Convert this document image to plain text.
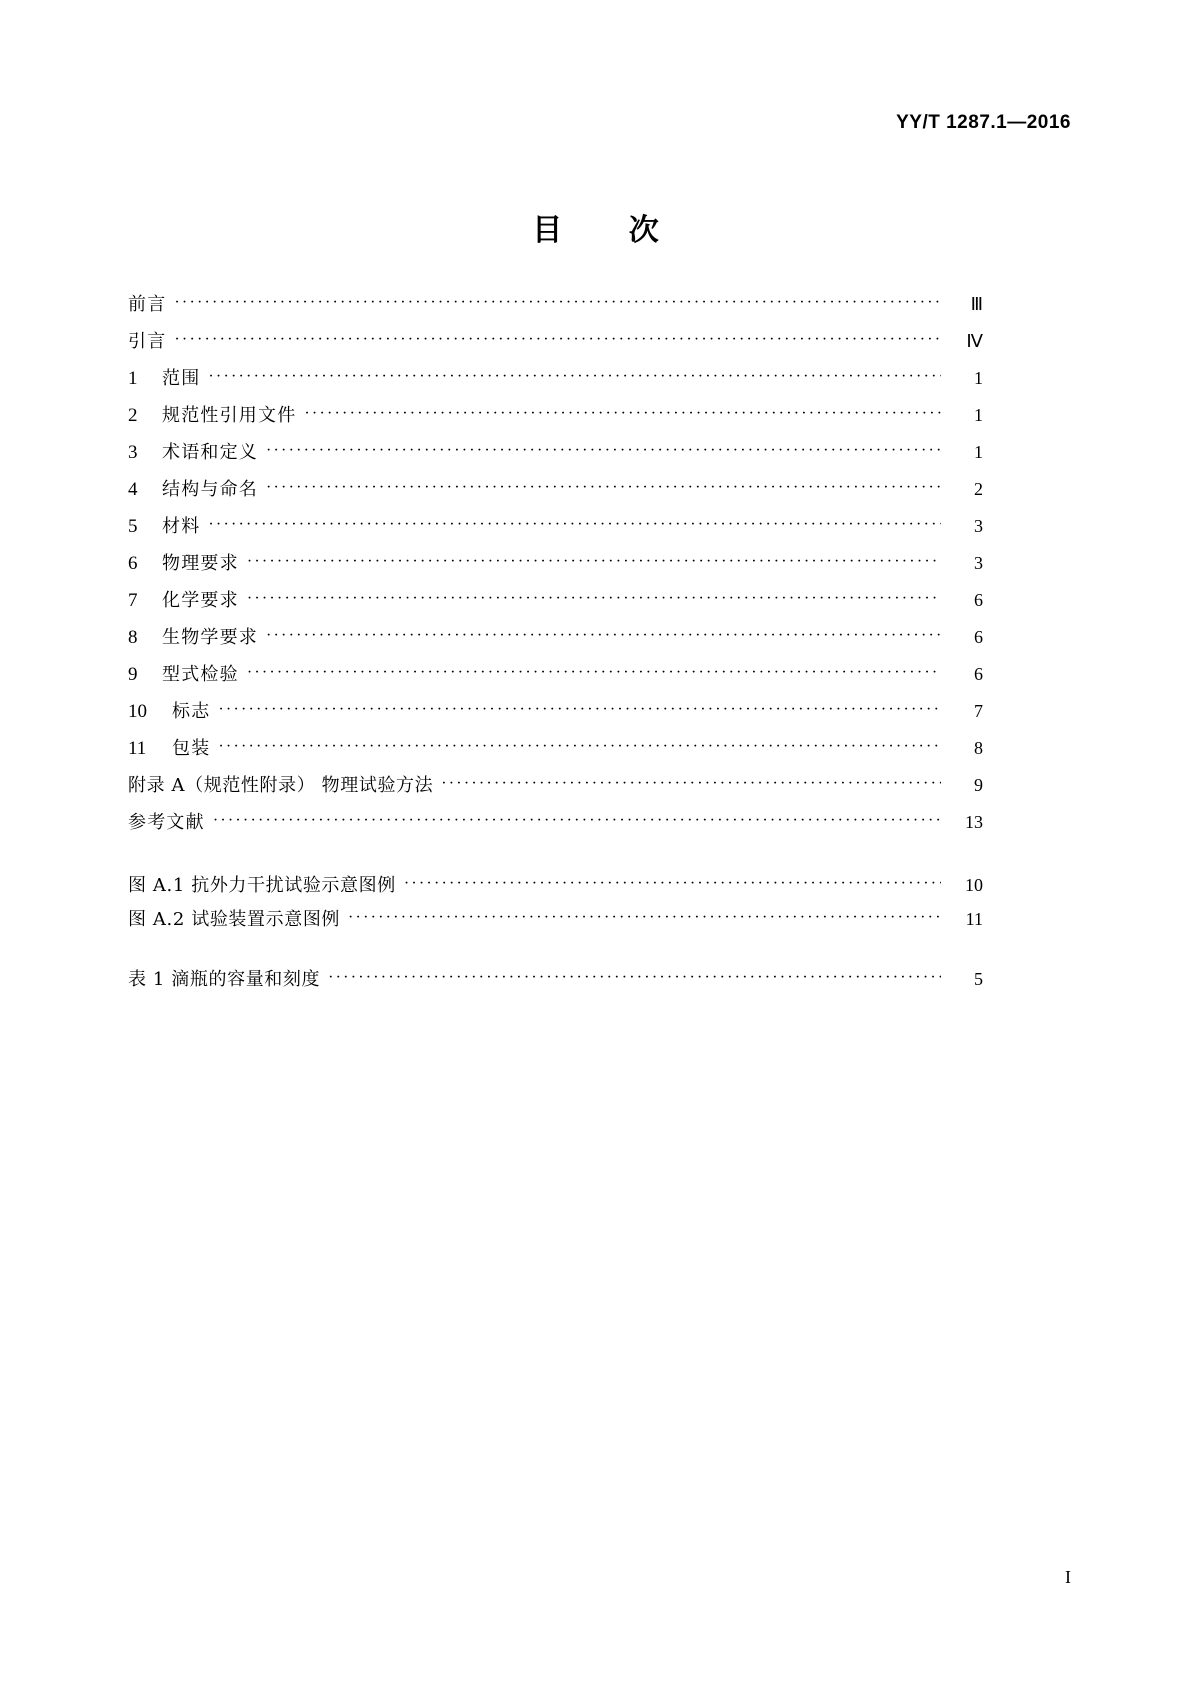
YY/T 1287.1—2016
目 次
前言 ·····	Ⅲ
引言 ·····	Ⅳ
1	范围 ·····	1
2	规范性引用文件 ·····	1
3	术语和定义 ·····	1
4	结构与命名 ·····	2
5	材料 ·····	3
6	物理要求 ·····	3
7	化学要求 ·····	6
8	生物学要求 ·····	6
9	型式检验 ·····	6
10	标志 ·····	7
11	包装 ·····	8
附录 A（规范性附录） 物理试验方法 ·····	9
参考文献 ·····	13
图 A.1 抗外力干扰试验示意图例 ·····	10
图 A.2 试验装置示意图例 ·····	11
表 1 滴瓶的容量和刻度 ·····	5
I
